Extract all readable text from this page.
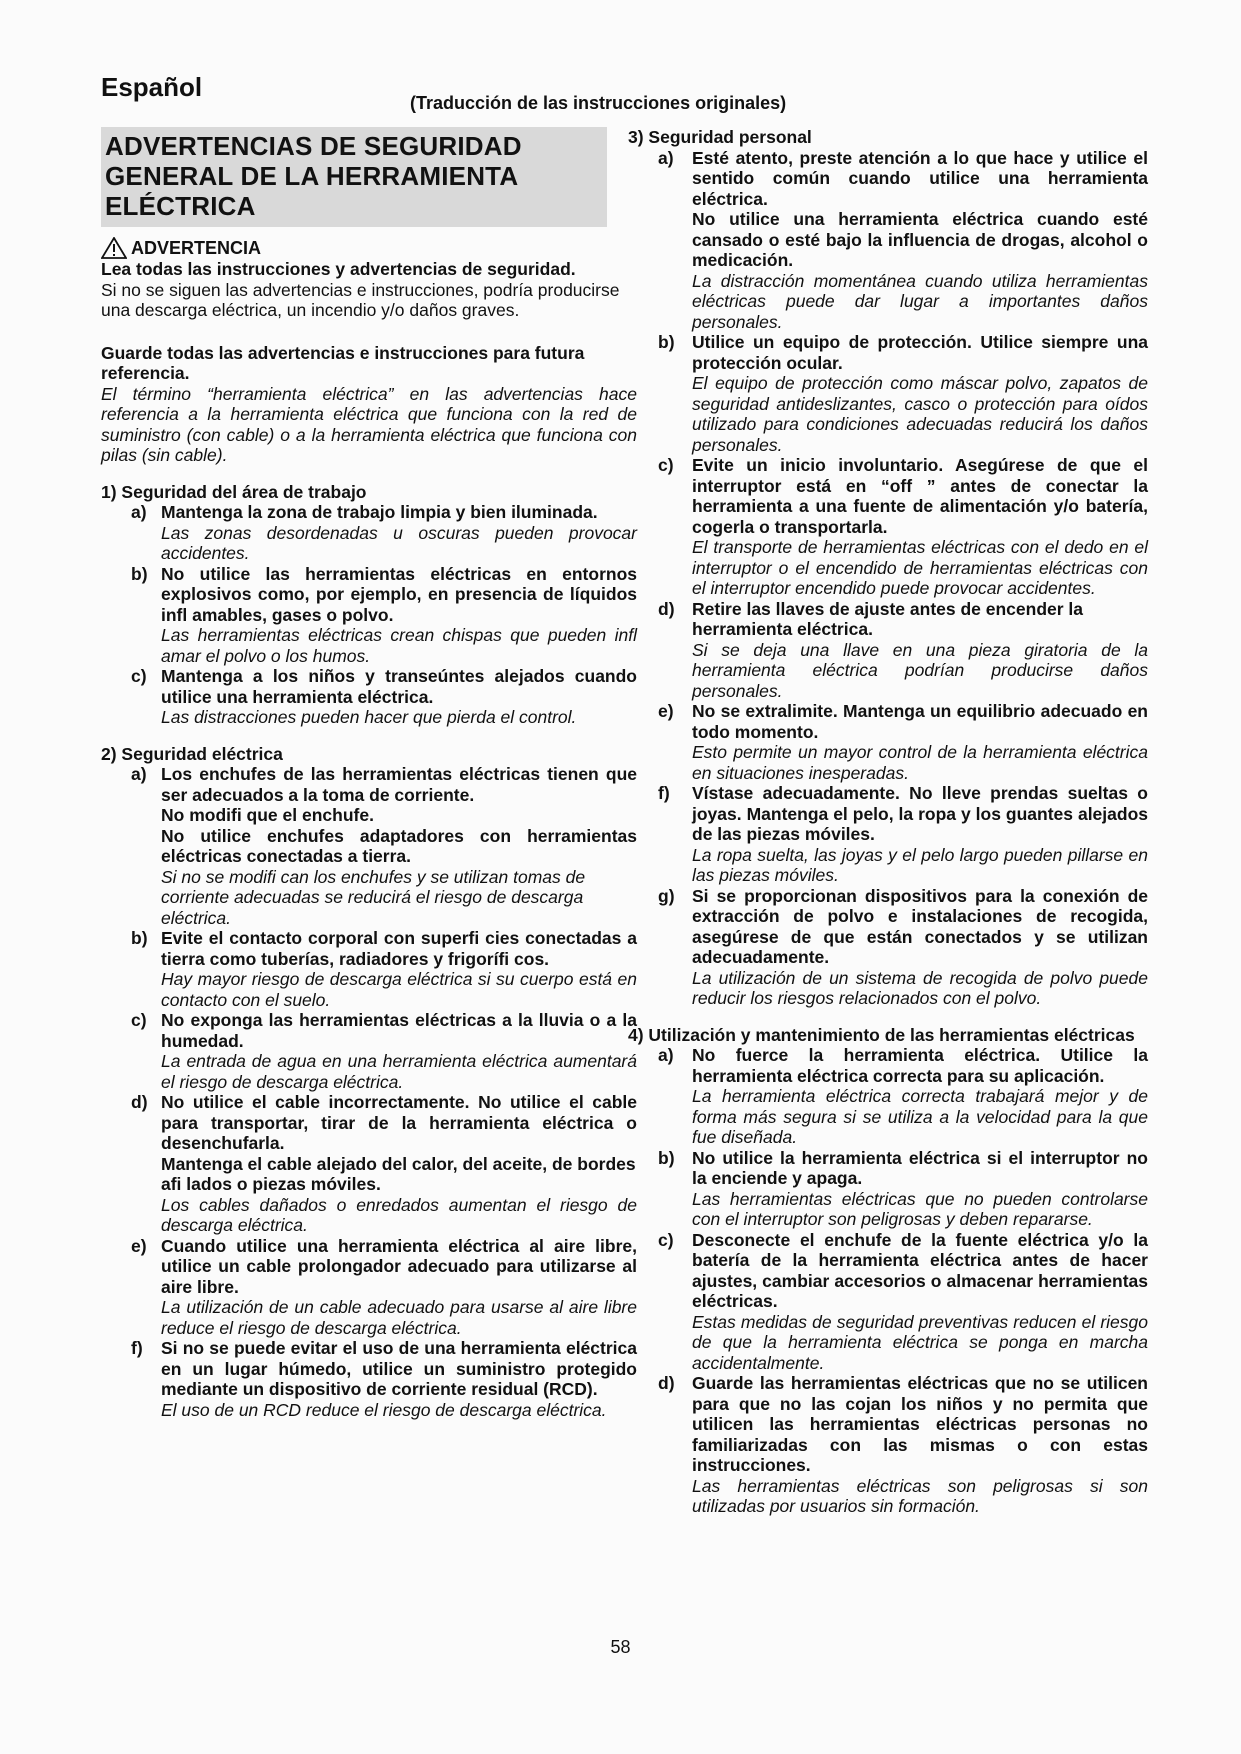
Español
(Traducción de las instrucciones originales)
ADVERTENCIAS DE SEGURIDAD
GENERAL DE LA HERRAMIENTA
ELÉCTRICA
ADVERTENCIA

Lea todas las instrucciones y advertencias de seguridad.

Si no se siguen las advertencias e instrucciones, podría producirse una descarga eléctrica, un incendio y/o daños graves.

Guarde todas las advertencias e instrucciones para futura referencia.

El término “herramienta eléctrica” en las advertencias hace referencia a la herramienta eléctrica que funciona con la red de suministro (con cable) o a la herramienta eléctrica que funciona con pilas (sin cable).

1) Seguridad del área de trabajo
a) Mantenga la zona de trabajo limpia y bien iluminada.

Las zonas desordenadas u oscuras pueden provocar accidentes.

b) No utilice las herramientas eléctricas en entornos explosivos como, por ejemplo, en presencia de líquidos infl amables, gases o polvo.

Las herramientas eléctricas crean chispas que pueden infl amar el polvo o los humos.

c) Mantenga a los niños y transeúntes alejados cuando utilice una herramienta eléctrica.

Las distracciones pueden hacer que pierda el control.

2) Seguridad eléctrica
a) Los enchufes de las herramientas eléctricas tienen que ser adecuados a la toma de corriente.

No modifi que el enchufe.

No utilice enchufes adaptadores con herramientas eléctricas conectadas a tierra.

Si no se modifi can los enchufes y se utilizan tomas de corriente adecuadas se reducirá el riesgo de descarga eléctrica.

b) Evite el contacto corporal con superfi cies conectadas a tierra como tuberías, radiadores y frigorífi cos.

Hay mayor riesgo de descarga eléctrica si su cuerpo está en contacto con el suelo.

c) No exponga las herramientas eléctricas a la lluvia o a la humedad.

La entrada de agua en una herramienta eléctrica aumentará el riesgo de descarga eléctrica.

d) No utilice el cable incorrectamente. No utilice el cable para transportar, tirar de la herramienta eléctrica o desenchufarla.

Mantenga el cable alejado del calor, del aceite, de bordes afi lados o piezas móviles.

Los cables dañados o enredados aumentan el riesgo de descarga eléctrica.

e) Cuando utilice una herramienta eléctrica al aire libre, utilice un cable prolongador adecuado para utilizarse al aire libre.

La utilización de un cable adecuado para usarse al aire libre reduce el riesgo de descarga eléctrica.

f)	Si no se puede evitar el uso de una herramienta eléctrica en un lugar húmedo, utilice un suministro protegido mediante un dispositivo de corriente residual (RCD).

El uso de un RCD reduce el riesgo de descarga eléctrica.

3) Seguridad personal
a)	Esté atento, preste atención a lo que hace y utilice el sentido común cuando utilice una herramienta eléctrica.

No utilice una herramienta eléctrica cuando esté cansado o esté bajo la influencia de drogas, alcohol o medicación.

La distracción momentánea cuando utiliza herramientas eléctricas puede dar lugar a importantes daños personales.

b) Utilice un equipo de protección. Utilice siempre una protección ocular.

El equipo de protección como máscar polvo, zapatos de seguridad antideslizantes, casco o protección para oídos utilizado para condiciones adecuadas reducirá los daños personales.

c)	Evite un inicio involuntario. Asegúrese de que el interruptor está en “off ” antes de conectar la herramienta a una fuente de alimentación y/o batería, cogerla o transportarla.

El transporte de herramientas eléctricas con el dedo en el interruptor o el encendido de herramientas eléctricas con el interruptor encendido puede provocar accidentes.

d) Retire las llaves de ajuste antes de encender la herramienta eléctrica.

Si se deja una llave en una pieza giratoria de la herramienta eléctrica podrían producirse daños personales.

e)	No se extralimite. Mantenga un equilibrio adecuado en todo momento.

Esto permite un mayor control de la herramienta eléctrica en situaciones inesperadas.

f)	Vístase adecuadamente. No lleve prendas sueltas o joyas. Mantenga el pelo, la ropa y los guantes alejados de las piezas móviles.

La ropa suelta, las joyas y el pelo largo pueden pillarse en las piezas móviles.

g) Si se proporcionan dispositivos para la conexión de extracción de polvo e instalaciones de recogida, asegúrese de que están conectados y se utilizan adecuadamente.

La utilización de un sistema de recogida de polvo puede reducir los riesgos relacionados con el polvo.

4) Utilización y mantenimiento de las herramientas eléctricas
a)	No fuerce la herramienta eléctrica. Utilice la herramienta eléctrica correcta para su aplicación.

La herramienta eléctrica correcta trabajará mejor y de forma más segura si se utiliza a la velocidad para la que fue diseñada.

b) No utilice la herramienta eléctrica si el interruptor no la enciende y apaga.

Las herramientas eléctricas que no pueden controlarse con el interruptor son peligrosas y deben repararse.

c)	Desconecte el enchufe de la fuente eléctrica y/o la batería de la herramienta eléctrica antes de hacer ajustes, cambiar accesorios o almacenar herramientas eléctricas.

Estas medidas de seguridad preventivas reducen el riesgo de que la herramienta eléctrica se ponga en marcha accidentalmente.

d) Guarde las herramientas eléctricas que no se utilicen para que no las cojan los niños y no permita que utilicen las herramientas eléctricas personas no familiarizadas con las mismas o con estas instrucciones.

Las herramientas eléctricas son peligrosas si son utilizadas por usuarios sin formación.

58
